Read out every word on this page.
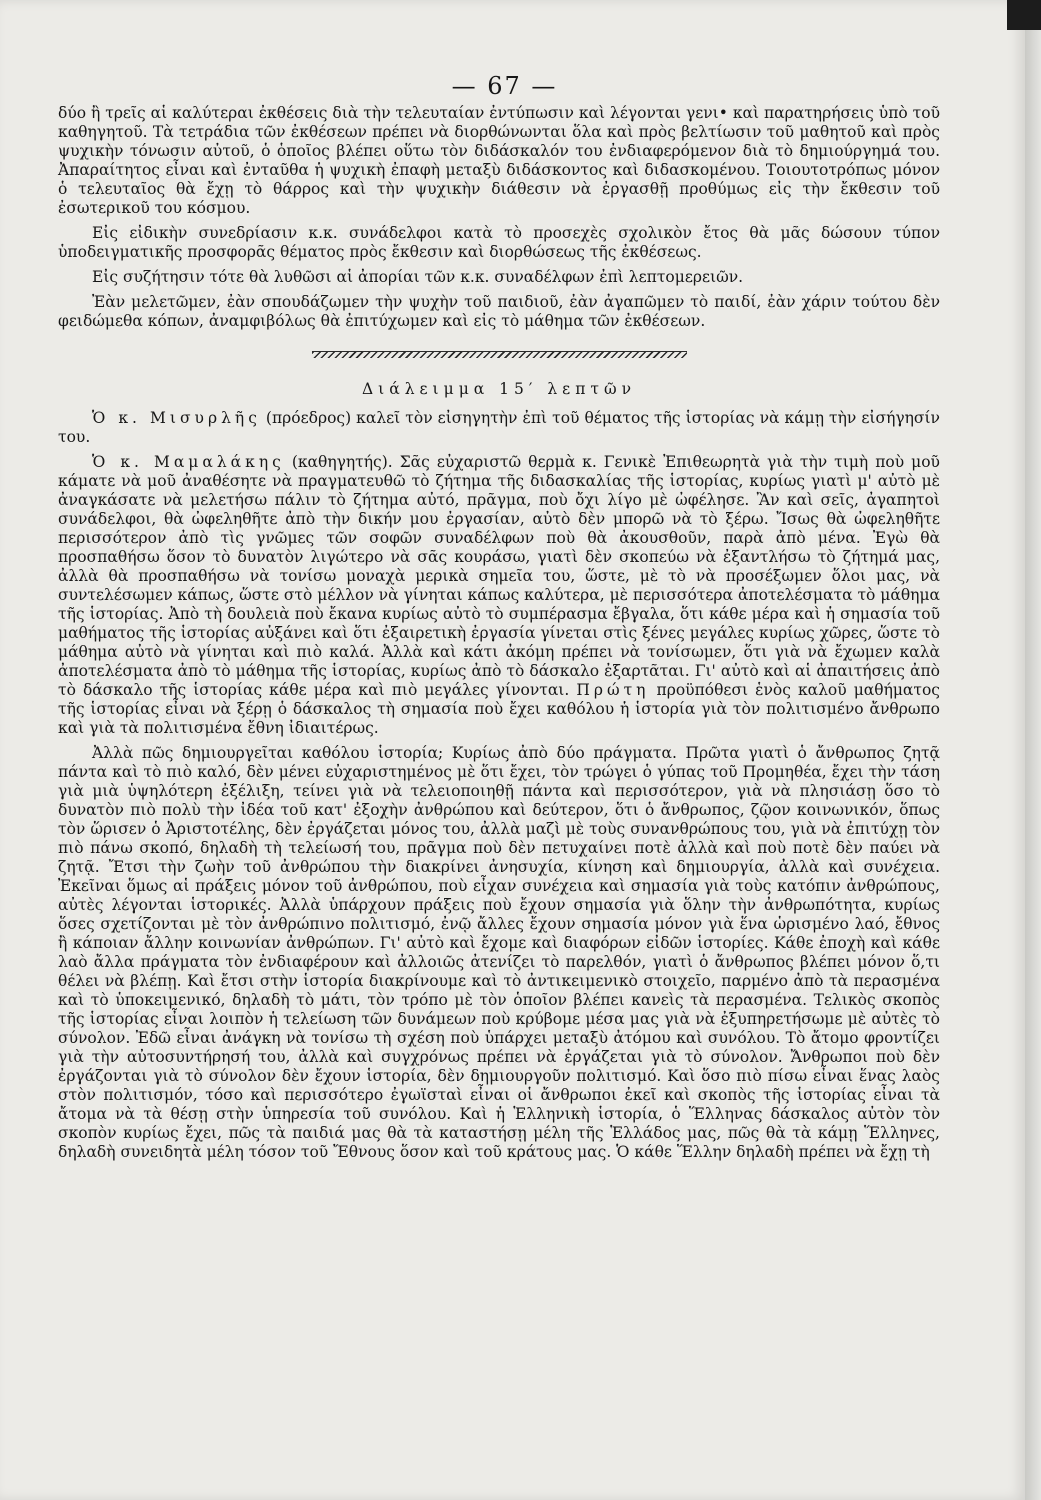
— 67 —

δύο ἢ τρεῖς αἱ καλύτεραι ἐκθέσεις διὰ τὴν τελευταίαν ἐντύπωσιν καὶ λέγονται γενι• καὶ παρατηρήσεις ὑπὸ τοῦ καθηγητοῦ. Τὰ τετράδια τῶν ἐκθέσεων πρέπει νὰ διορθώνωνται ὅλα καὶ πρὸς βελτίωσιν τοῦ μαθητοῦ καὶ πρὸς ψυχικὴν τόνωσιν αὐτοῦ, ὁ ὁποῖος βλέπει οὕτω τὸν διδάσκαλόν του ἐνδιαφερόμενον διὰ τὸ δημιούργημά του. Ἀπαραίτητος εἶναι καὶ ἐνταῦθα ἡ ψυχικὴ ἐπαφὴ μεταξὺ διδάσκοντος καὶ διδασκομένου. Τοιουτοτρόπως μόνον ὁ τελευταῖος θὰ ἔχῃ τὸ θάρρος καὶ τὴν ψυχικὴν διάθεσιν νὰ ἐργασθῇ προθύμως εἰς τὴν ἔκθεσιν τοῦ ἐσωτερικοῦ του κόσμου.

Εἰς εἰδικὴν συνεδρίασιν κ.κ. συνάδελφοι κατὰ τὸ προσεχὲς σχολικὸν ἔτος θὰ μᾶς δώσουν τύπον ὑποδειγματικῆς προσφορᾶς θέματος πρὸς ἔκθεσιν καὶ διορθώσεως τῆς ἐκθέσεως.

Εἰς συζήτησιν τότε θὰ λυθῶσι αἱ ἀπορίαι τῶν κ.κ. συναδέλφων ἐπὶ λεπτομερειῶν.

Ἐὰν μελετῶμεν, ἐὰν σπουδάζωμεν τὴν ψυχὴν τοῦ παιδιοῦ, ἐὰν ἀγαπῶμεν τὸ παιδί, ἐὰν χάριν τούτου δὲν φειδώμεθα κόπων, ἀναμφιβόλως θὰ ἐπιτύχωμεν καὶ εἰς τὸ μάθημα τῶν ἐκθέσεων.

Διάλειμμα 15′ λεπτῶν

Ὁ κ. Μισυρλῆς (πρόεδρος) καλεῖ τὸν εἰσηγητὴν ἐπὶ τοῦ θέματος τῆς ἱστορίας νὰ κάμῃ τὴν εἰσήγησίν του.

Ὁ κ. Μαμαλάκης (καθηγητής). Σᾶς εὐχαριστῶ θερμὰ κ. Γενικὲ Ἐπιθεωρητὰ γιὰ τὴν τιμὴ ποὺ μοῦ κάματε νὰ μοῦ ἀναθέσητε νὰ πραγματευθῶ τὸ ζήτημα τῆς διδασκαλίας τῆς ἱστορίας, κυρίως γιατὶ μ' αὐτὸ μὲ ἀναγκάσατε νὰ μελετήσω πάλιν τὸ ζήτημα αὐτό, πρᾶγμα, ποὺ ὄχι λίγο μὲ ὠφέλησε. Ἂν καὶ σεῖς, ἀγαπητοὶ συνάδελφοι, θὰ ὠφεληθῆτε ἀπὸ τὴν δικήν μου ἐργασίαν, αὐτὸ δὲν μπορῶ νὰ τὸ ξέρω. Ἴσως θὰ ὠφεληθῆτε περισσότερον ἀπὸ τὶς γνῶμες τῶν σοφῶν συναδέλφων ποὺ θὰ ἀκουσθοῦν, παρὰ ἀπὸ μένα. Ἐγὼ θὰ προσπαθήσω ὅσον τὸ δυνατὸν λιγώτερο νὰ σᾶς κουράσω, γιατὶ δὲν σκοπεύω νὰ ἐξαντλήσω τὸ ζήτημά μας, ἀλλὰ θὰ προσπαθήσω νὰ τονίσω μοναχὰ μερικὰ σημεῖα του, ὥστε, μὲ τὸ νὰ προσέξωμεν ὅλοι μας, νὰ συντελέσωμεν κάπως, ὥστε στὸ μέλλον νὰ γίνηται κάπως καλύτερα, μὲ περισσότερα ἀποτελέσματα τὸ μάθημα τῆς ἱστορίας. Ἀπὸ τὴ δουλειὰ ποὺ ἔκανα κυρίως αὐτὸ τὸ συμπέρασμα ἔβγαλα, ὅτι κάθε μέρα καὶ ἡ σημασία τοῦ μαθήματος τῆς ἱστορίας αὐξάνει καὶ ὅτι ἐξαιρετικὴ ἐργασία γίνεται στὶς ξένες μεγάλες κυρίως χῶρες, ὥστε τὸ μάθημα αὐτὸ νὰ γίνηται καὶ πιὸ καλά. Ἀλλὰ καὶ κάτι ἀκόμη πρέπει νὰ τονίσωμεν, ὅτι γιὰ νὰ ἔχωμεν καλὰ ἀποτελέσματα ἀπὸ τὸ μάθημα τῆς ἱστορίας, κυρίως ἀπὸ τὸ δάσκαλο ἐξαρτᾶται. Γι' αὐτὸ καὶ αἱ ἀπαιτήσεις ἀπὸ τὸ δάσκαλο τῆς ἱστορίας κάθε μέρα καὶ πιὸ μεγάλες γίνονται. Πρώτη προϋπόθεσι ἑνὸς καλοῦ μαθήματος τῆς ἱστορίας εἶναι νὰ ξέρῃ ὁ δάσκαλος τὴ σημασία ποὺ ἔχει καθόλου ἡ ἱστορία γιὰ τὸν πολιτισμένο ἄνθρωπο καὶ γιὰ τὰ πολιτισμένα ἔθνη ἰδιαιτέρως.

Ἀλλὰ πῶς δημιουργεῖται καθόλου ἱστορία; Κυρίως ἀπὸ δύο πράγματα. Πρῶτα γιατὶ ὁ ἄνθρωπος ζητᾷ πάντα καὶ τὸ πιὸ καλό, δὲν μένει εὐχαριστημένος μὲ ὅτι ἔχει, τὸν τρώγει ὁ γύπας τοῦ Προμηθέα, ἔχει τὴν τάση γιὰ μιὰ ὑψηλότερη ἐξέλιξη, τείνει γιὰ νὰ τελειοποιηθῇ πάντα καὶ περισσότερον, γιὰ νὰ πλησιάσῃ ὅσο τὸ δυνατὸν πιὸ πολὺ τὴν ἰδέα τοῦ κατ' ἐξοχὴν ἀνθρώπου καὶ δεύτερον, ὅτι ὁ ἄνθρωπος, ζῷον κοινωνικόν, ὅπως τὸν ὥρισεν ὁ Ἀριστοτέλης, δὲν ἐργάζεται μόνος του, ἀλλὰ μαζὶ μὲ τοὺς συνανθρώπους του, γιὰ νὰ ἐπιτύχῃ τὸν πιὸ πάνω σκοπό, δηλαδὴ τὴ τελείωσή του, πρᾶγμα ποὺ δὲν πετυχαίνει ποτὲ ἀλλὰ καὶ ποὺ ποτὲ δὲν παύει νὰ ζητᾷ. Ἔτσι τὴν ζωὴν τοῦ ἀνθρώπου τὴν διακρίνει ἀνησυχία, κίνηση καὶ δημιουργία, ἀλλὰ καὶ συνέχεια. Ἐκεῖναι ὅμως αἱ πράξεις μόνον τοῦ ἀνθρώπου, ποὺ εἶχαν συνέχεια καὶ σημασία γιὰ τοὺς κατόπιν ἀνθρώπους, αὐτὲς λέγονται ἱστορικές. Ἀλλὰ ὑπάρχουν πράξεις ποὺ ἔχουν σημασία γιὰ ὅλην τὴν ἀνθρωπότητα, κυρίως ὅσες σχετίζονται μὲ τὸν ἀνθρώπινο πολιτισμό, ἐνῷ ἄλλες ἔχουν σημασία μόνον γιὰ ἕνα ὡρισμένο λαό, ἔθνος ἢ κάποιαν ἄλλην κοινωνίαν ἀνθρώπων. Γι' αὐτὸ καὶ ἔχομε καὶ διαφόρων εἰδῶν ἱστορίες. Κάθε ἐποχὴ καὶ κάθε λαὸ ἄλλα πράγματα τὸν ἐνδιαφέρουν καὶ ἀλλοιῶς ἀτενίζει τὸ παρελθόν, γιατὶ ὁ ἄνθρωπος βλέπει μόνον ὅ,τι θέλει νὰ βλέπῃ. Καὶ ἔτσι στὴν ἱστορία διακρίνουμε καὶ τὸ ἀντικειμενικὸ στοιχεῖο, παρμένο ἀπὸ τὰ περασμένα καὶ τὸ ὑποκειμενικό, δηλαδὴ τὸ μάτι, τὸν τρόπο μὲ τὸν ὁποῖον βλέπει κανεὶς τὰ περασμένα. Τελικὸς σκοπὸς τῆς ἱστορίας εἶναι λοιπὸν ἡ τελείωση τῶν δυνάμεων ποὺ κρύβομε μέσα μας γιὰ νὰ ἐξυπηρετήσωμε μὲ αὐτὲς τὸ σύνολον. Ἐδῶ εἶναι ἀνάγκη νὰ τονίσω τὴ σχέση ποὺ ὑπάρχει μεταξὺ ἀτόμου καὶ συνόλου. Τὸ ἄτομο φροντίζει γιὰ τὴν αὐτοσυντήρησή του, ἀλλὰ καὶ συγχρόνως πρέπει νὰ ἐργάζεται γιὰ τὸ σύνολον. Ἄνθρωποι ποὺ δὲν ἐργάζονται γιὰ τὸ σύνολον δὲν ἔχουν ἱστορία, δὲν δημιουργοῦν πολιτισμό. Καὶ ὅσο πιὸ πίσω εἶναι ἕνας λαὸς στὸν πολιτισμόν, τόσο καὶ περισσότερο ἐγωϊσταὶ εἶναι οἱ ἄνθρωποι ἐκεῖ καὶ σκοπὸς τῆς ἱστορίας εἶναι τὰ ἄτομα νὰ τὰ θέσῃ στὴν ὑπηρεσία τοῦ συνόλου. Καὶ ἡ Ἑλληνικὴ ἱστορία, ὁ Ἕλληνας δάσκαλος αὐτὸν τὸν σκοπὸν κυρίως ἔχει, πῶς τὰ παιδιά μας θὰ τὰ καταστήσῃ μέλη τῆς Ἑλλάδος μας, πῶς θὰ τὰ κάμῃ Ἕλληνες, δηλαδὴ συνειδητὰ μέλη τόσον τοῦ Ἔθνους ὅσον καὶ τοῦ κράτους μας. Ὁ κάθε Ἕλλην δηλαδὴ πρέπει νὰ ἔχῃ τὴ
